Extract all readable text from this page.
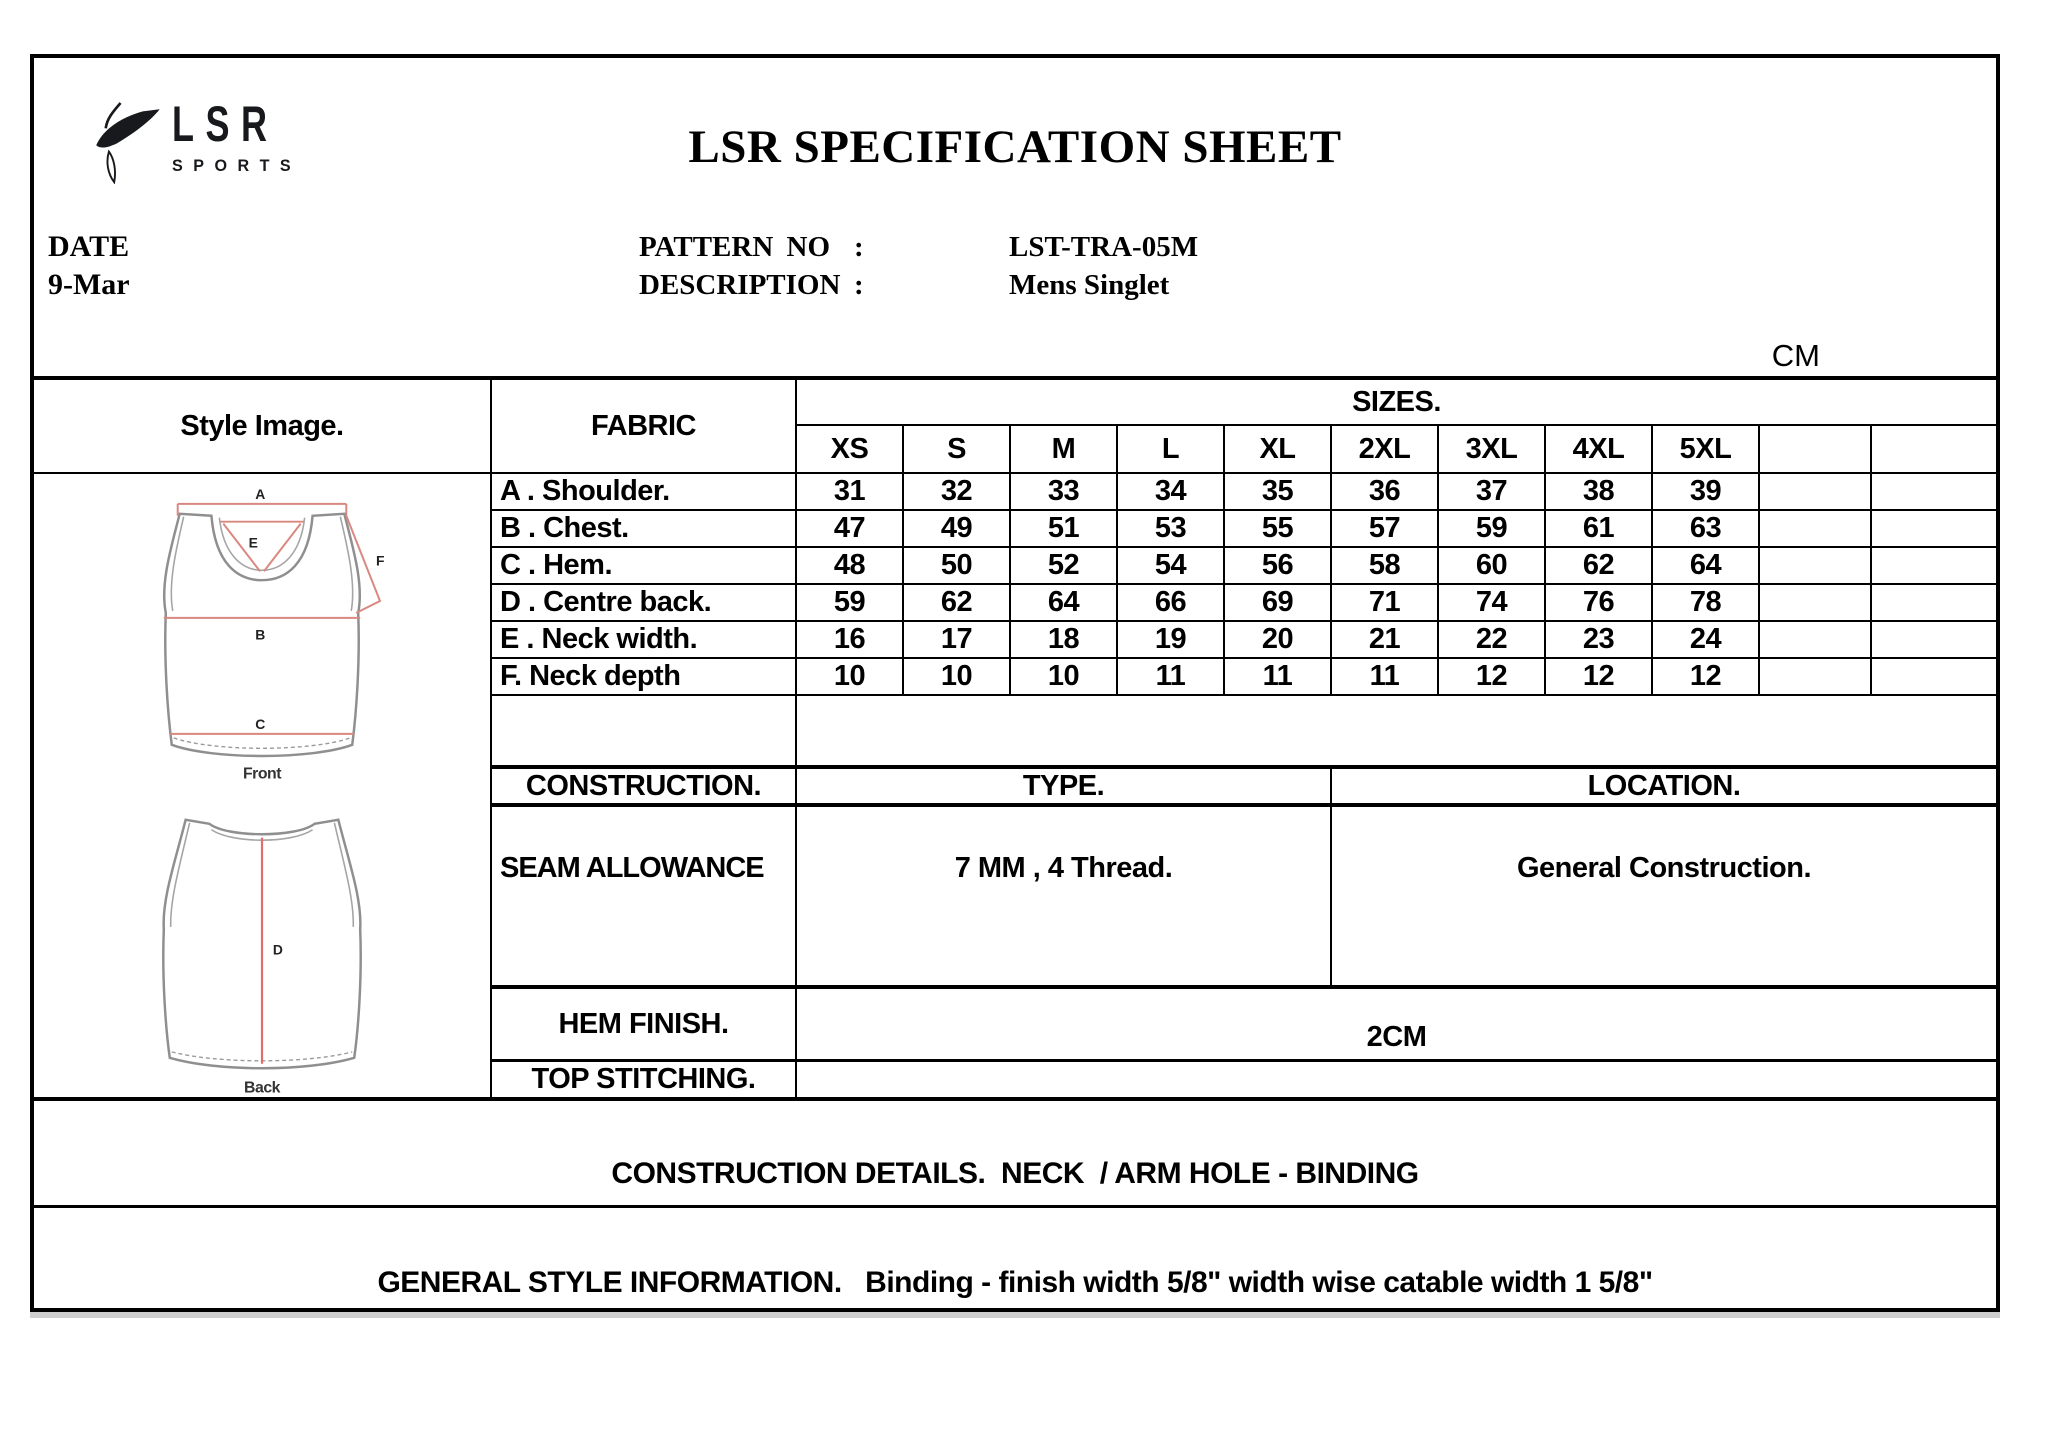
LSR
SPORTS	LSR SPECIFICATION SHEET
DATE
9-Mar
PATTERN NO :	LST-TRA-05M
DESCRIPTION :	Mens Singlet
CM
Style Image.
A
E
F
B
C
Front
D
Back
FABRIC
SIZES.
CONSTRUCTION.	TYPE.	LOCATION.
SEAM ALLOWANCE	7 MM , 4 Thread.	General Construction.
HEM FINISH.	2CM
TOP STITCHING.
XS	S	M	L	XL	2XL	3XL	4XL	5XL
A . Shoulder.	31	32	33	34	35	36	37	38	39
B . Chest.	47	49	51	53	55	57	59	61	63
C . Hem.	48	50	52	54	56	58	60	62	64
D . Centre back.	59	62	64	66	69	71	74	76	78
E . Neck width.	16	17	18	19	20	21	22	23	24
F. Neck depth	10	10	10	11	11	11	12	12	12
CONSTRUCTION DETAILS.  NECK  / ARM HOLE - BINDING
GENERAL STYLE INFORMATION.   Binding - finish width 5/8" width wise catable width 1 5/8"
